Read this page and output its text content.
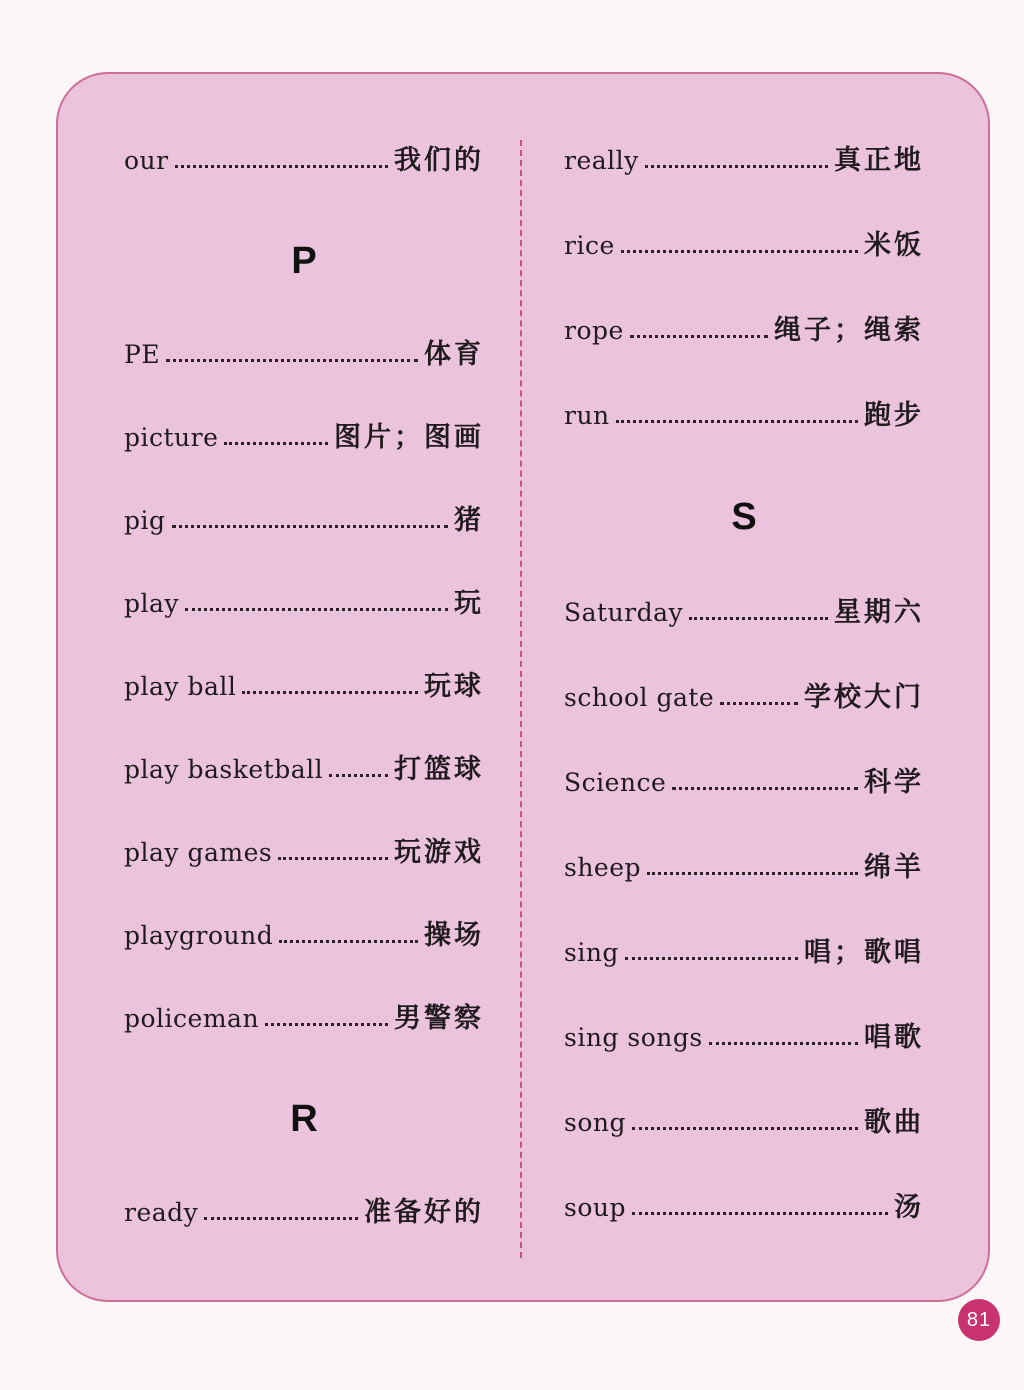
our	我们的
P
PE	体育
picture	图片；图画
pig	猪
play	玩
play ball	玩球
play basketball	打篮球
play games	玩游戏
playground	操场
policeman	男警察
R
ready	准备好的
really	真正地
rice	米饭
rope	绳子；绳索
run	跑步
S
Saturday	星期六
school gate	学校大门
Science	科学
sheep	绵羊
sing	唱；歌唱
sing songs	唱歌
song	歌曲
soup	汤
81
